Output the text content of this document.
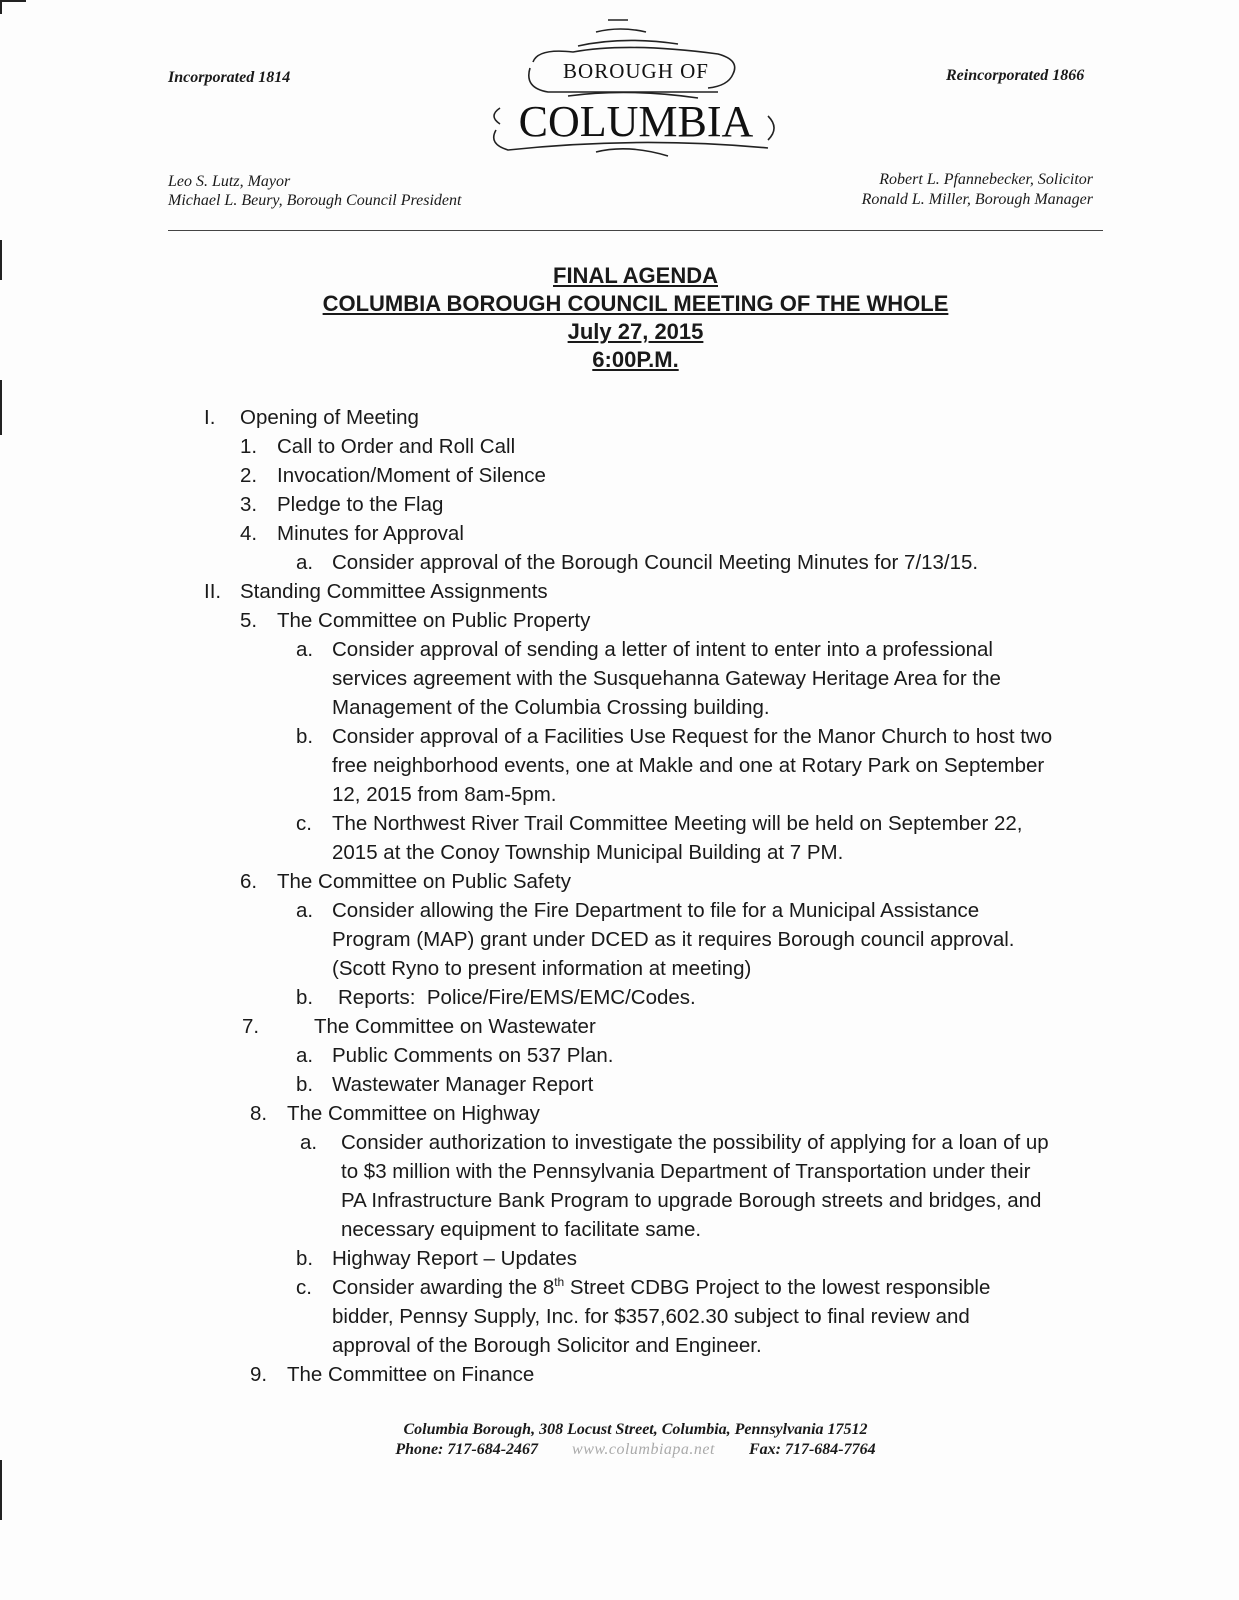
Incorporated 1814	Reincorporated 1866
BOROUGH OF
COLUMBIA
Leo S. Lutz, Mayor
Michael L. Beury, Borough Council President
Robert L. Pfannebecker, Solicitor
Ronald L. Miller, Borough Manager
FINAL AGENDA
COLUMBIA BOROUGH COUNCIL MEETING OF THE WHOLE
July 27, 2015
6:00P.M.
I. Opening of Meeting
1. Call to Order and Roll Call
2. Invocation/Moment of Silence
3. Pledge to the Flag
4. Minutes for Approval
a. Consider approval of the Borough Council Meeting Minutes for 7/13/15.
II. Standing Committee Assignments
5. The Committee on Public Property
a. Consider approval of sending a letter of intent to enter into a professional
services agreement with the Susquehanna Gateway Heritage Area for the
Management of the Columbia Crossing building.
b. Consider approval of a Facilities Use Request for the Manor Church to host two
free neighborhood events, one at Makle and one at Rotary Park on September
12, 2015 from 8am-5pm.
c. The Northwest River Trail Committee Meeting will be held on September 22,
2015 at the Conoy Township Municipal Building at 7 PM.
6. The Committee on Public Safety
a. Consider allowing the Fire Department to file for a Municipal Assistance
Program (MAP) grant under DCED as it requires Borough council approval.
(Scott Ryno to present information at meeting)
b. Reports:  Police/Fire/EMS/EMC/Codes.
7.	The Committee on Wastewater
a. Public Comments on 537 Plan.
b. Wastewater Manager Report
8. The Committee on Highway
a. Consider authorization to investigate the possibility of applying for a loan of up
to $3 million with the Pennsylvania Department of Transportation under their
PA Infrastructure Bank Program to upgrade Borough streets and bridges, and
necessary equipment to facilitate same.
b. Highway Report – Updates
c. Consider awarding the 8th Street CDBG Project to the lowest responsible
bidder, Pennsy Supply, Inc. for $357,602.30 subject to final review and
approval of the Borough Solicitor and Engineer.
9. The Committee on Finance
Columbia Borough, 308 Locust Street, Columbia, Pennsylvania 17512
Phone: 717-684-2467 www.columbiapa.net Fax: 717-684-7764
